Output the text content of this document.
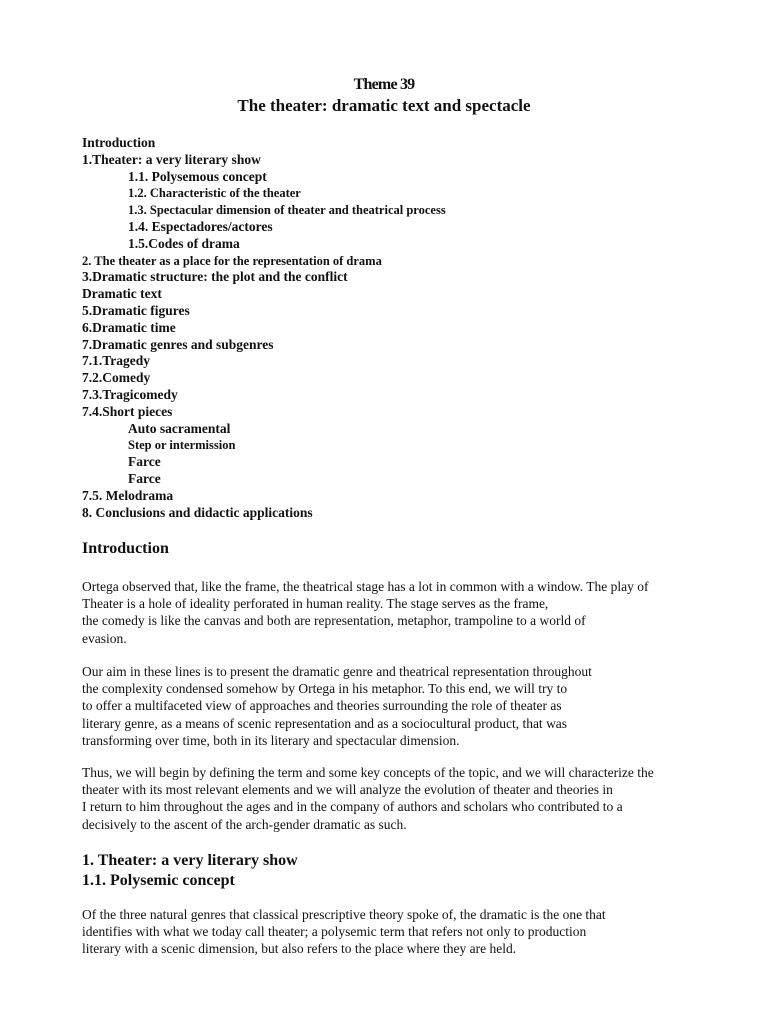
Theme 39
The theater: dramatic text and spectacle
Introduction
1.Theater: a very literary show
1.1. Polysemous concept
1.2. Characteristic of the theater
1.3. Spectacular dimension of theater and theatrical process
1.4. Espectadores/actores
1.5.Codes of drama
2. The theater as a place for the representation of drama
3.Dramatic structure: the plot and the conflict
Dramatic text
5.Dramatic figures
6.Dramatic time
7.Dramatic genres and subgenres
7.1.Tragedy
7.2.Comedy
7.3.Tragicomedy
7.4.Short pieces
Auto sacramental
Step or intermission
Farce
Farce
7.5. Melodrama
8. Conclusions and didactic applications
Introduction
Ortega observed that, like the frame, the theatrical stage has a lot in common with a window. The play of
Theater is a hole of ideality perforated in human reality. The stage serves as the frame,
the comedy is like the canvas and both are representation, metaphor, trampoline to a world of
evasion.
Our aim in these lines is to present the dramatic genre and theatrical representation throughout
the complexity condensed somehow by Ortega in his metaphor. To this end, we will try to
to offer a multifaceted view of approaches and theories surrounding the role of theater as
literary genre, as a means of scenic representation and as a sociocultural product, that was
transforming over time, both in its literary and spectacular dimension.
Thus, we will begin by defining the term and some key concepts of the topic, and we will characterize the
theater with its most relevant elements and we will analyze the evolution of theater and theories in
I return to him throughout the ages and in the company of authors and scholars who contributed to a
decisively to the ascent of the arch-gender dramatic as such.
1. Theater: a very literary show
1.1. Polysemic concept
Of the three natural genres that classical prescriptive theory spoke of, the dramatic is the one that
identifies with what we today call theater; a polysemic term that refers not only to production
literary with a scenic dimension, but also refers to the place where they are held.
